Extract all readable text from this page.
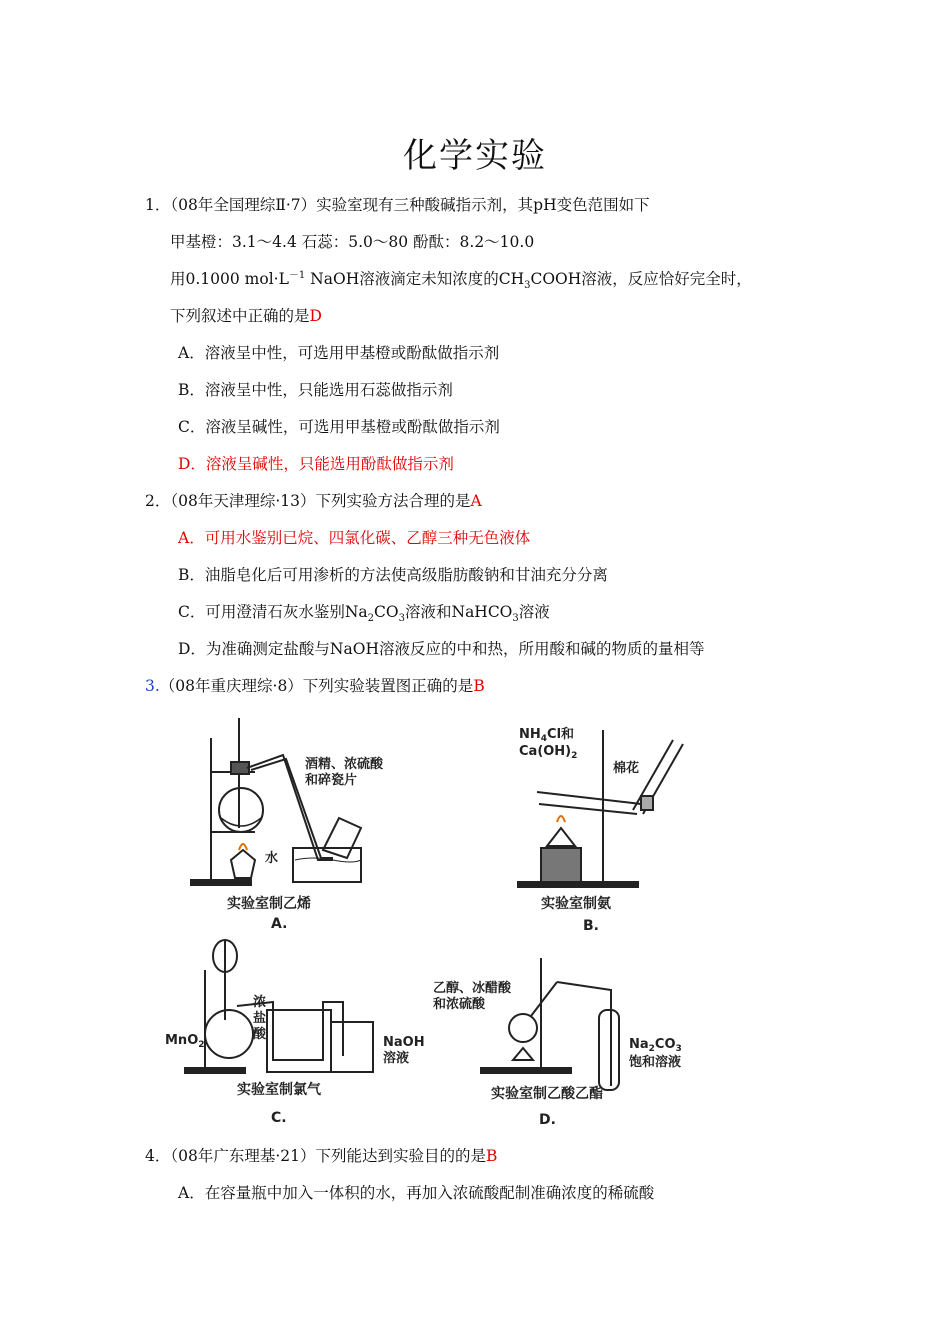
化学实验
1．（08年全国理综Ⅱ·7）实验室现有三种酸碱指示剂，其pH变色范围如下
甲基橙：3.1～4.4 石蕊：5.0～80 酚酞：8.2～10.0
用0.1000 $mol\cdot L^{-1}$ NaOH溶液滴定未知浓度的$CH_3COOH$溶液，反应恰好完全时，
下列叙述中正确的是D
A．溶液呈中性，可选用甲基橙或酚酞做指示剂
B．溶液呈中性，只能选用石蕊做指示剂
C．溶液呈碱性，可选用甲基橙或酚酞做指示剂
D．溶液呈碱性，只能选用酚酞做指示剂
2．（08年天津理综·13）下列实验方法合理的是A
A．可用水鉴别已烷、四氯化碳、乙醇三种无色液体
B．油脂皂化后可用渗析的方法使高级脂肪酸钠和甘油充分分离
C．可用澄清石灰水鉴别$Na_2CO_3$溶液和NaHCO$_3$溶液
D．为准确测定盐酸与NaOH溶液反应的中和热，所用酸和碱的物质的量相等
3.（08年重庆理综·8）下列实验装置图正确的是B
酒精、浓硫酸
和碎瓷片
水
实验室制乙烯
A.
$NH_4Cl$和
$Ca(OH)_2$
棉花
实验室制氨
B.
MnO$_2$
浓
盐
酸
NaOH
溶液
实验室制氯气
C.
乙醇、冰醋酸
和浓硫酸
$Na_2CO_3$
饱和溶液
实验室制乙酸乙酯
D.
4．（08年广东理基·21）下列能达到实验目的的是B
A．在容量瓶中加入一体积的水，再加入浓硫酸配制准确浓度的稀硫酸
